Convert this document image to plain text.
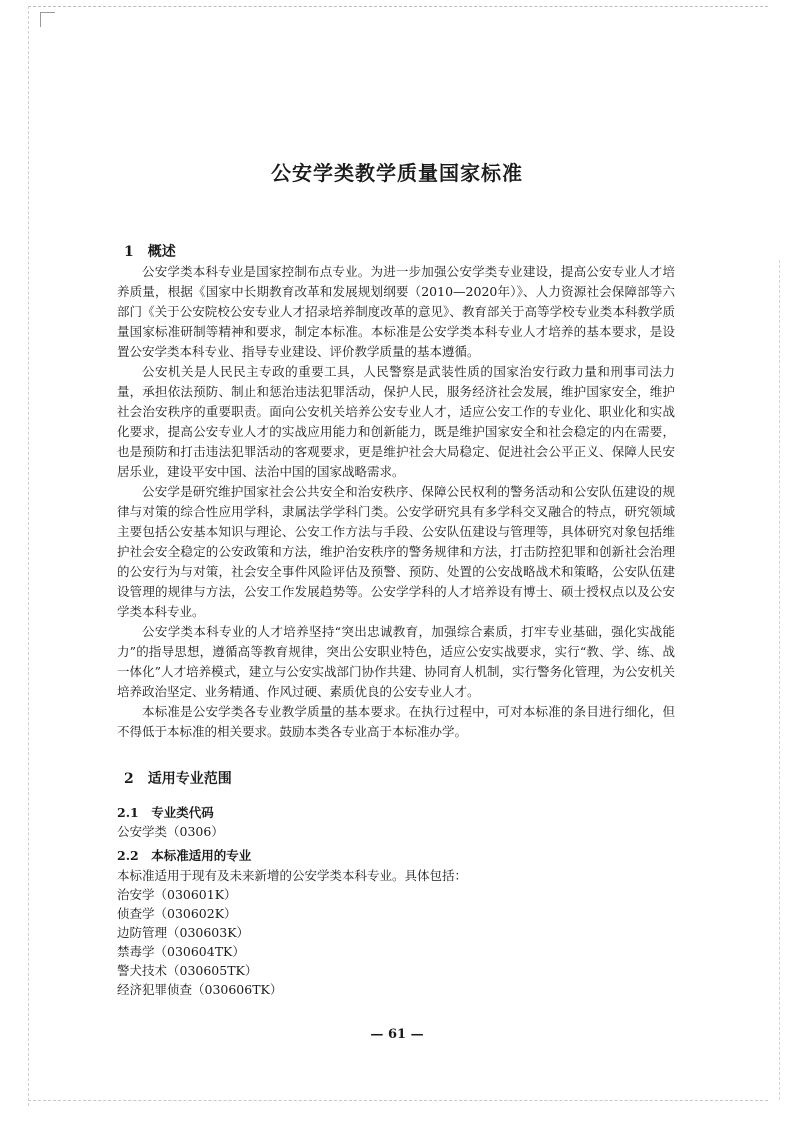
公安学类教学质量国家标准
1　概述

公安学类本科专业是国家控制布点专业。为进一步加强公安学类专业建设，提高公安专业人才培养质量，根据《国家中长期教育改革和发展规划纲要（2010—2020年）》、人力资源社会保障部等六部门《关于公安院校公安专业人才招录培养制度改革的意见》、教育部关于高等学校专业类本科教学质量国家标准研制等精神和要求，制定本标准。本标准是公安学类本科专业人才培养的基本要求，是设置公安学类本科专业、指导专业建设、评价教学质量的基本遵循。

公安机关是人民民主专政的重要工具，人民警察是武装性质的国家治安行政力量和刑事司法力量，承担依法预防、制止和惩治违法犯罪活动，保护人民，服务经济社会发展，维护国家安全，维护社会治安秩序的重要职责。面向公安机关培养公安专业人才，适应公安工作的专业化、职业化和实战化要求，提高公安专业人才的实战应用能力和创新能力，既是维护国家安全和社会稳定的内在需要，也是预防和打击违法犯罪活动的客观要求，更是维护社会大局稳定、促进社会公平正义、保障人民安居乐业，建设平安中国、法治中国的国家战略需求。

公安学是研究维护国家社会公共安全和治安秩序、保障公民权利的警务活动和公安队伍建设的规律与对策的综合性应用学科，隶属法学学科门类。公安学研究具有多学科交叉融合的特点，研究领域主要包括公安基本知识与理论、公安工作方法与手段、公安队伍建设与管理等，具体研究对象包括维护社会安全稳定的公安政策和方法，维护治安秩序的警务规律和方法，打击防控犯罪和创新社会治理的公安行为与对策，社会安全事件风险评估及预警、预防、处置的公安战略战术和策略，公安队伍建设管理的规律与方法，公安工作发展趋势等。公安学学科的人才培养设有博士、硕士授权点以及公安学类本科专业。

公安学类本科专业的人才培养坚持“突出忠诚教育，加强综合素质，打牢专业基础，强化实战能力”的指导思想，遵循高等教育规律，突出公安职业特色，适应公安实战要求，实行“教、学、练、战一体化”人才培养模式，建立与公安实战部门协作共建、协同育人机制，实行警务化管理，为公安机关培养政治坚定、业务精通、作风过硬、素质优良的公安专业人才。

本标准是公安学类各专业教学质量的基本要求。在执行过程中，可对本标准的条目进行细化，但不得低于本标准的相关要求。鼓励本类各专业高于本标准办学。

2　适用专业范围
2.1　专业类代码
公安学类（0306）
2.2　本标准适用的专业
本标准适用于现有及未来新增的公安学类本科专业。具体包括：
治安学（030601K）
侦查学（030602K）
边防管理（030603K）
禁毒学（030604TK）
警犬技术（030605TK）
经济犯罪侦查（030606TK）
— 61 —
